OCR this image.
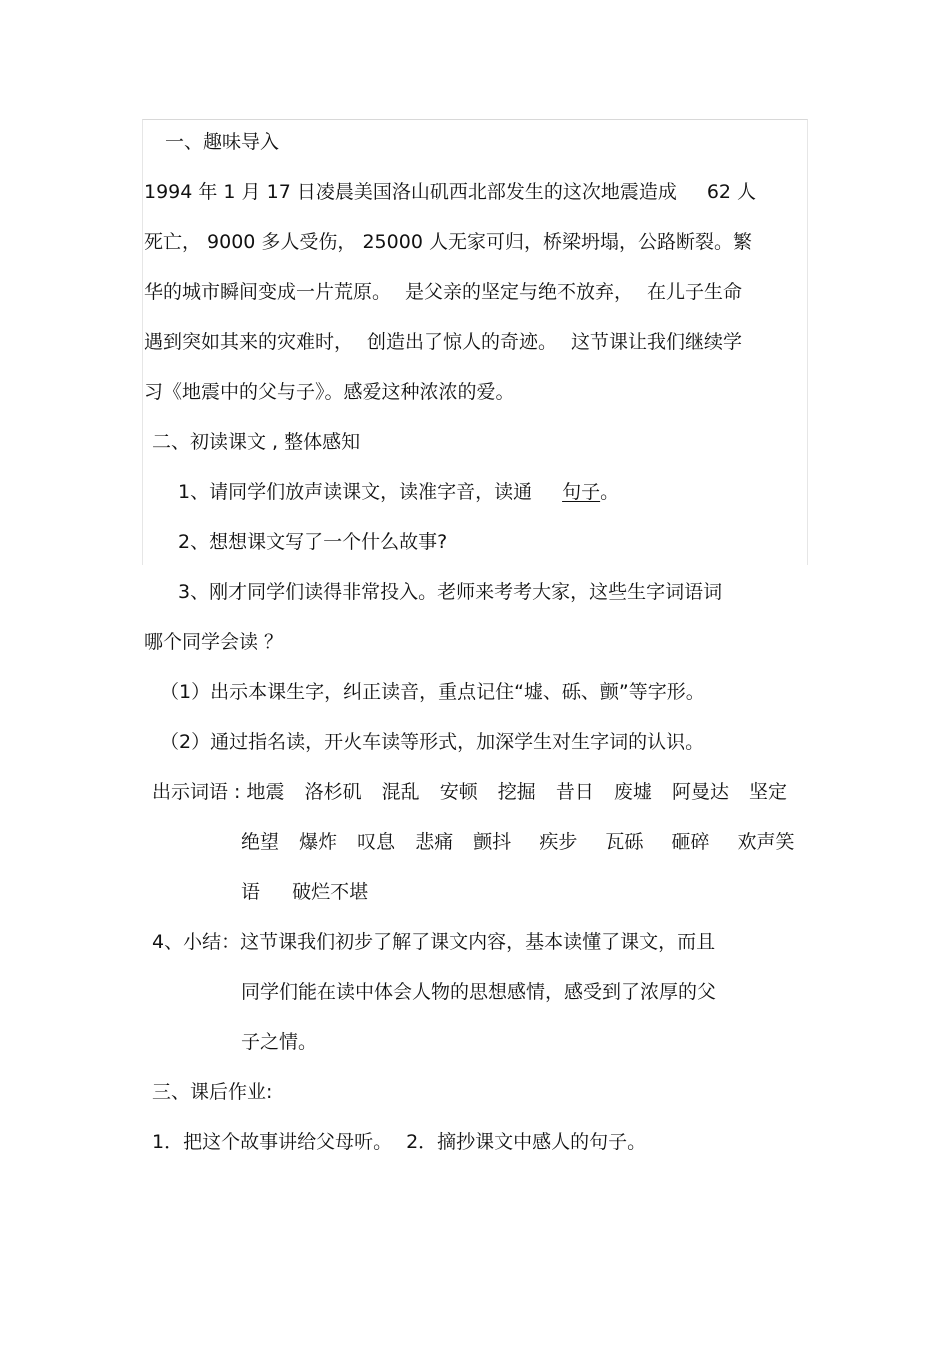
一、趣味导入
1994 年 1 月 17 日凌晨美国洛山矶西北部发生的这次地震造成 62 人
死亡， 9000 多人受伤， 25000 人无家可归，桥梁坍塌，公路断裂。繁
华的城市瞬间变成一片荒原。 是父亲的坚定与绝不放弃， 在儿子生命
遇到突如其来的灾难时， 创造出了惊人的奇迹。 这节课让我们继续学
习《地震中的父与子》。感爱这种浓浓的爱。
二、初读课文 , 整体感知
1、请同学们放声读课文，读准字音，读通 句子。
2、想想课文写了一个什么故事?
3、刚才同学们读得非常投入。老师来考考大家，这些生字词语词
哪个同学会读 ？
（1）出示本课生字，纠正读音，重点记住“墟、砾、颤”等字形。
（2）通过指名读，开火车读等形式，加深学生对生字词的认识。
出示词语 : 地震 洛杉矶 混乱 安顿 挖掘 昔日 废墟 阿曼达 坚定
绝望 爆炸 叹息 悲痛 颤抖 疾步 瓦砾 砸碎 欢声笑
语 破烂不堪
4、小结：这节课我们初步了解了课文内容，基本读懂了课文，而且
同学们能在读中体会人物的思想感情，感受到了浓厚的父
子之情。
三、课后作业:
1．把这个故事讲给父母听。 2．摘抄课文中感人的句子。
